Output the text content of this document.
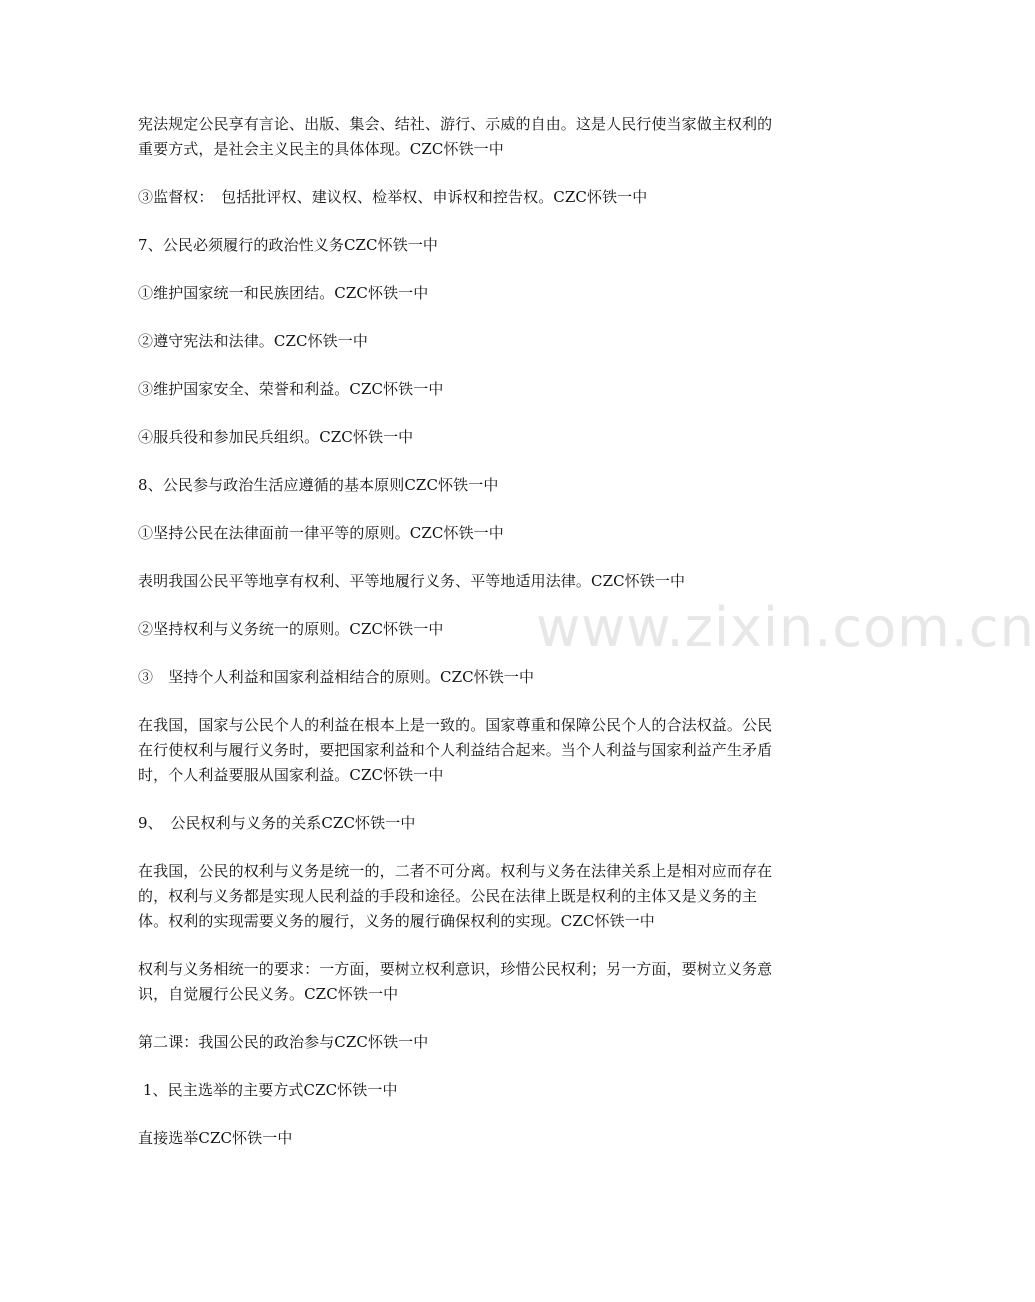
宪法规定公民享有言论、出版、集会、结社、游行、示威的自由。这是人民行使当家做主权利的重要方式，是社会主义民主的具体体现。CZC怀铁一中

③监督权：　包括批评权、建议权、检举权、申诉权和控告权。CZC怀铁一中

7、公民必须履行的政治性义务CZC怀铁一中

①维护国家统一和民族团结。CZC怀铁一中

②遵守宪法和法律。CZC怀铁一中

③维护国家安全、荣誉和利益。CZC怀铁一中

④服兵役和参加民兵组织。CZC怀铁一中

8、公民参与政治生活应遵循的基本原则CZC怀铁一中

①坚持公民在法律面前一律平等的原则。CZC怀铁一中

表明我国公民平等地享有权利、平等地履行义务、平等地适用法律。CZC怀铁一中

②坚持权利与义务统一的原则。CZC怀铁一中

③　坚持个人利益和国家利益相结合的原则。CZC怀铁一中

在我国，国家与公民个人的利益在根本上是一致的。国家尊重和保障公民个人的合法权益。公民在行使权利与履行义务时，要把国家利益和个人利益结合起来。当个人利益与国家利益产生矛盾时，个人利益要服从国家利益。CZC怀铁一中

9、　公民权利与义务的关系CZC怀铁一中

在我国，公民的权利与义务是统一的，二者不可分离。权利与义务在法律关系上是相对应而存在的，权利与义务都是实现人民利益的手段和途径。公民在法律上既是权利的主体又是义务的主体。权利的实现需要义务的履行，义务的履行确保权利的实现。CZC怀铁一中

权利与义务相统一的要求：一方面，要树立权利意识，珍惜公民权利；另一方面，要树立义务意识，自觉履行公民义务。CZC怀铁一中

第二课：我国公民的政治参与CZC怀铁一中

1、民主选举的主要方式CZC怀铁一中

直接选举CZC怀铁一中

www.zixin.com.cn
